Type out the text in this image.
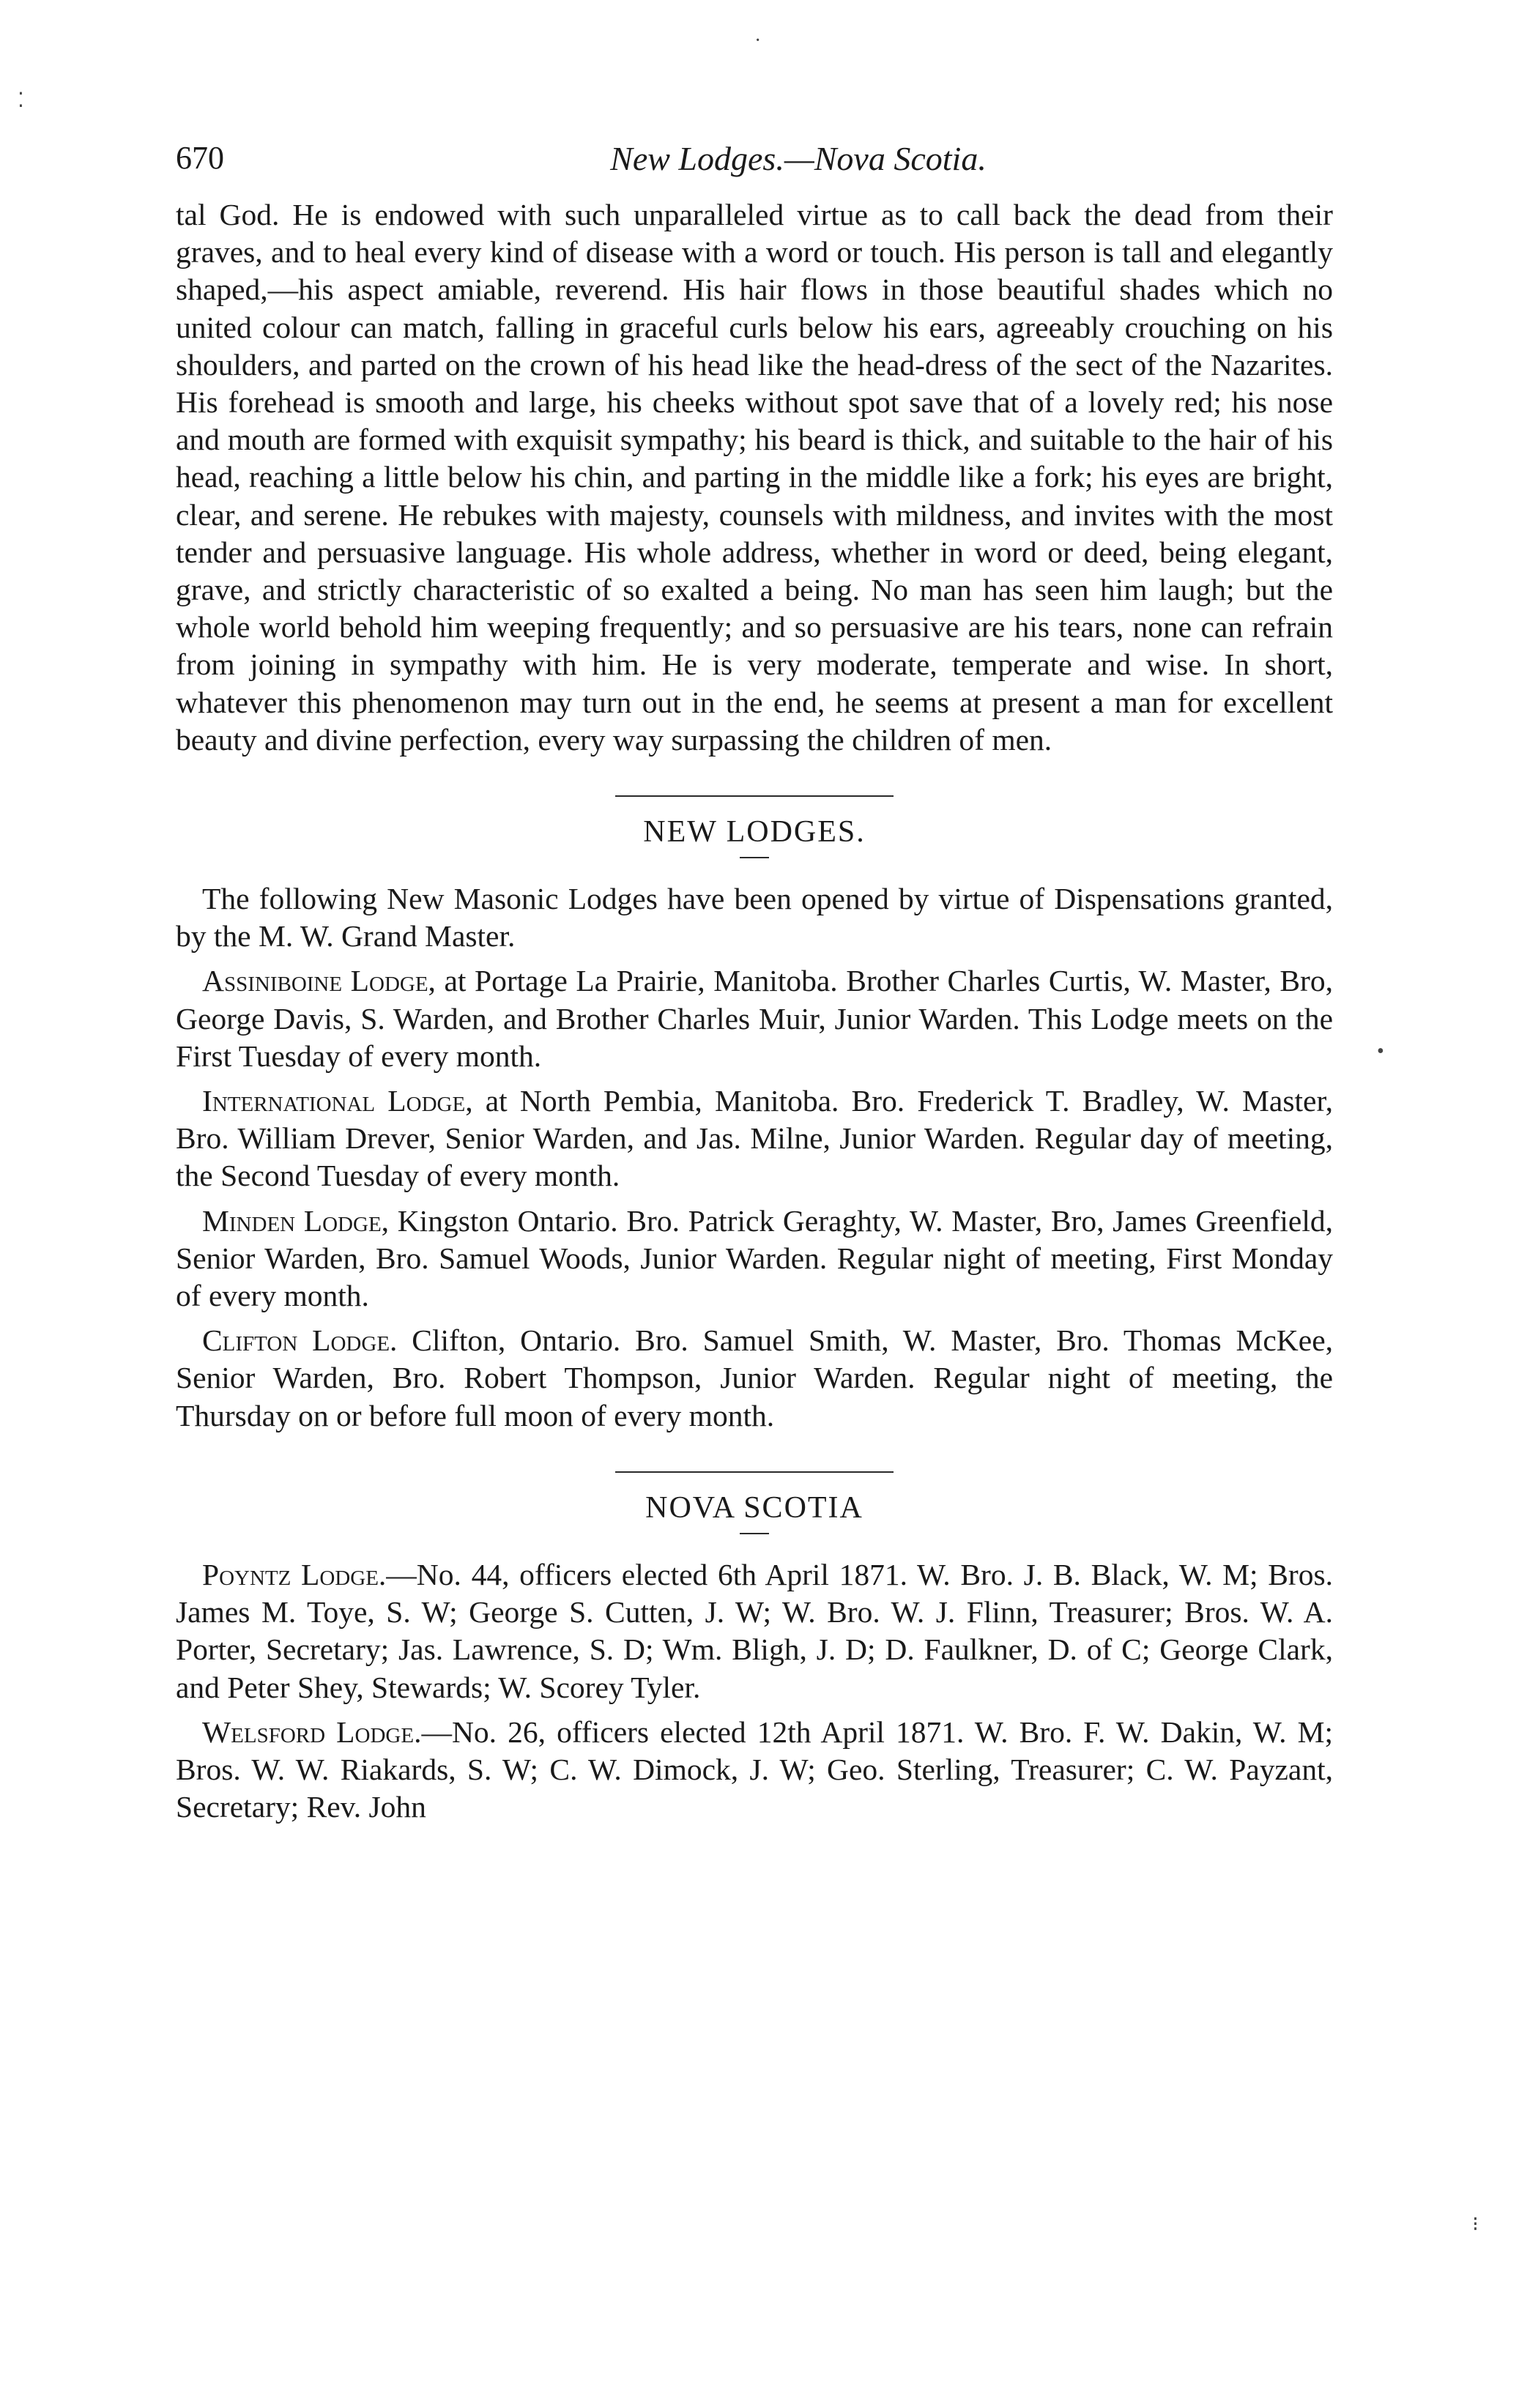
670	New Lodges.—Nova Scotia.

tal God. He is endowed with such unparalleled virtue as to call back the dead from their graves, and to heal every kind of disease with a word or touch. His person is tall and elegantly shaped,—his aspect amiable, reverend. His hair flows in those beautiful shades which no united colour can match, falling in graceful curls below his ears, agreeably crouching on his shoulders, and parted on the crown of his head like the head-dress of the sect of the Nazarites. His forehead is smooth and large, his cheeks without spot save that of a lovely red; his nose and mouth are formed with exquisit sympathy; his beard is thick, and suitable to the hair of his head, reaching a little below his chin, and parting in the middle like a fork; his eyes are bright, clear, and serene. He rebukes with majesty, counsels with mildness, and invites with the most tender and persuasive language. His whole address, whether in word or deed, being elegant, grave, and strictly characteristic of so exalted a being. No man has seen him laugh; but the whole world behold him weeping frequently; and so persuasive are his tears, none can refrain from joining in sympathy with him. He is very moderate, temperate and wise. In short, whatever this phenomenon may turn out in the end, he seems at present a man for excellent beauty and divine perfection, every way surpassing the children of men.

NEW LODGES.

The following New Masonic Lodges have been opened by virtue of Dispensations granted, by the M. W. Grand Master.

Assiniboine Lodge, at Portage La Prairie, Manitoba. Brother Charles Curtis, W. Master, Bro, George Davis, S. Warden, and Brother Charles Muir, Junior Warden. This Lodge meets on the First Tuesday of every month.

International Lodge, at North Pembia, Manitoba. Bro. Frederick T. Bradley, W. Master, Bro. William Drever, Senior Warden, and Jas. Milne, Junior Warden. Regular day of meeting, the Second Tuesday of every month.

Minden Lodge, Kingston Ontario. Bro. Patrick Geraghty, W. Master, Bro, James Greenfield, Senior Warden, Bro. Samuel Woods, Junior Warden. Regular night of meeting, First Monday of every month.

Clifton Lodge. Clifton, Ontario. Bro. Samuel Smith, W. Master, Bro. Thomas McKee, Senior Warden, Bro. Robert Thompson, Junior Warden. Regular night of meeting, the Thursday on or before full moon of every month.

NOVA SCOTIA

Poyntz Lodge.—No. 44, officers elected 6th April 1871. W. Bro. J. B. Black, W. M; Bros. James M. Toye, S. W; George S. Cutten, J. W; W. Bro. W. J. Flinn, Treasurer; Bros. W. A. Porter, Secretary; Jas. Lawrence, S. D; Wm. Bligh, J. D; D. Faulkner, D. of C; George Clark, and Peter Shey, Stewards; W. Scorey Tyler.

Welsford Lodge.—No. 26, officers elected 12th April 1871. W. Bro. F. W. Dakin, W. M; Bros. W. W. Riakards, S. W; C. W. Dimock, J. W; Geo. Sterling, Treasurer; C. W. Payzant, Secretary; Rev. John

⁚
·
•
⁝
